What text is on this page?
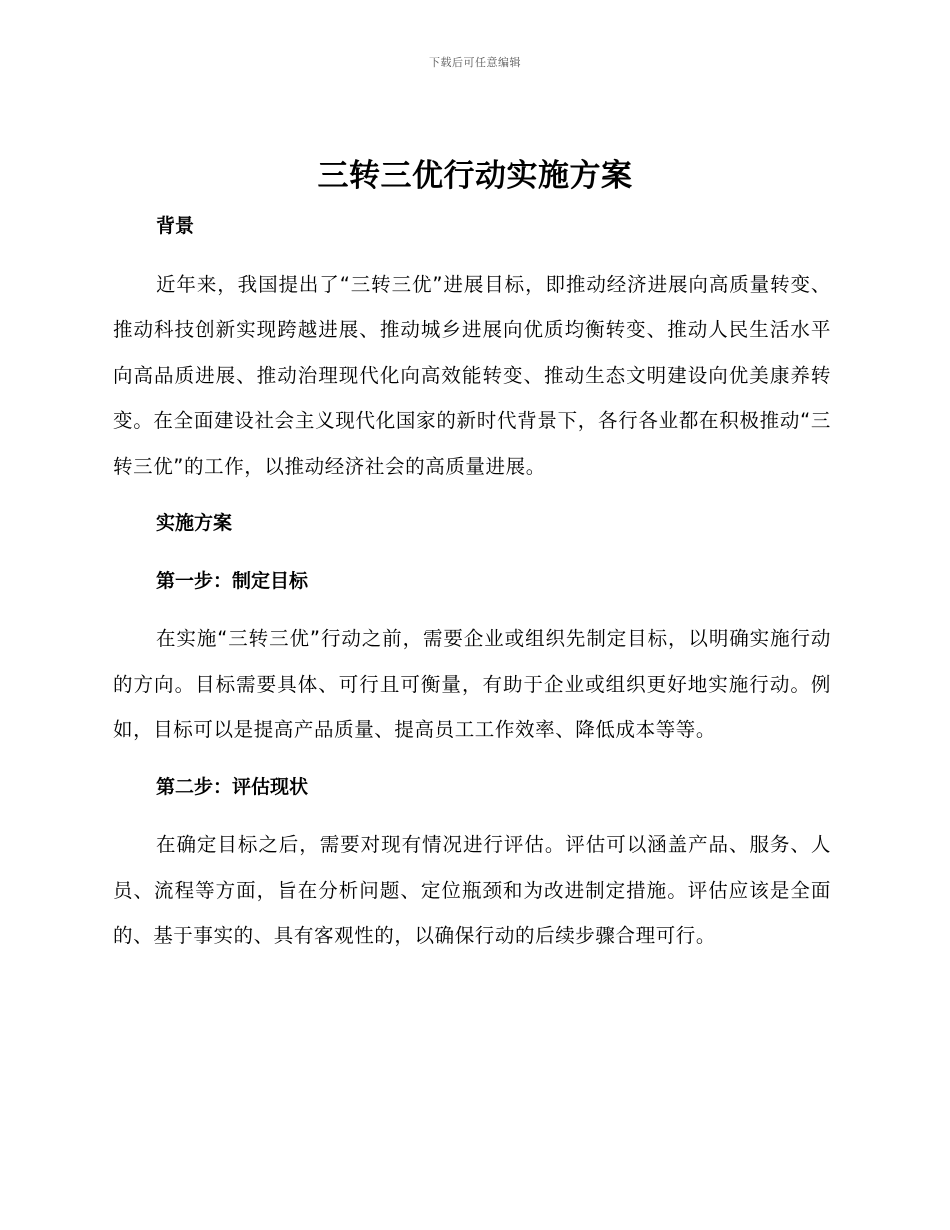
下载后可任意编辑
三转三优行动实施方案

背景

近年来，我国提出了“三转三优”进展目标，即推动经济进展向高质量转变、推动科技创新实现跨越进展、推动城乡进展向优质均衡转变、推动人民生活水平向高品质进展、推动治理现代化向高效能转变、推动生态文明建设向优美康养转变。在全面建设社会主义现代化国家的新时代背景下，各行各业都在积极推动“三转三优”的工作，以推动经济社会的高质量进展。

实施方案

第一步：制定目标

在实施“三转三优”行动之前，需要企业或组织先制定目标，以明确实施行动的方向。目标需要具体、可行且可衡量，有助于企业或组织更好地实施行动。例如，目标可以是提高产品质量、提高员工工作效率、降低成本等等。

第二步：评估现状

在确定目标之后，需要对现有情况进行评估。评估可以涵盖产品、服务、人员、流程等方面，旨在分析问题、定位瓶颈和为改进制定措施。评估应该是全面的、基于事实的、具有客观性的，以确保行动的后续步骤合理可行。
